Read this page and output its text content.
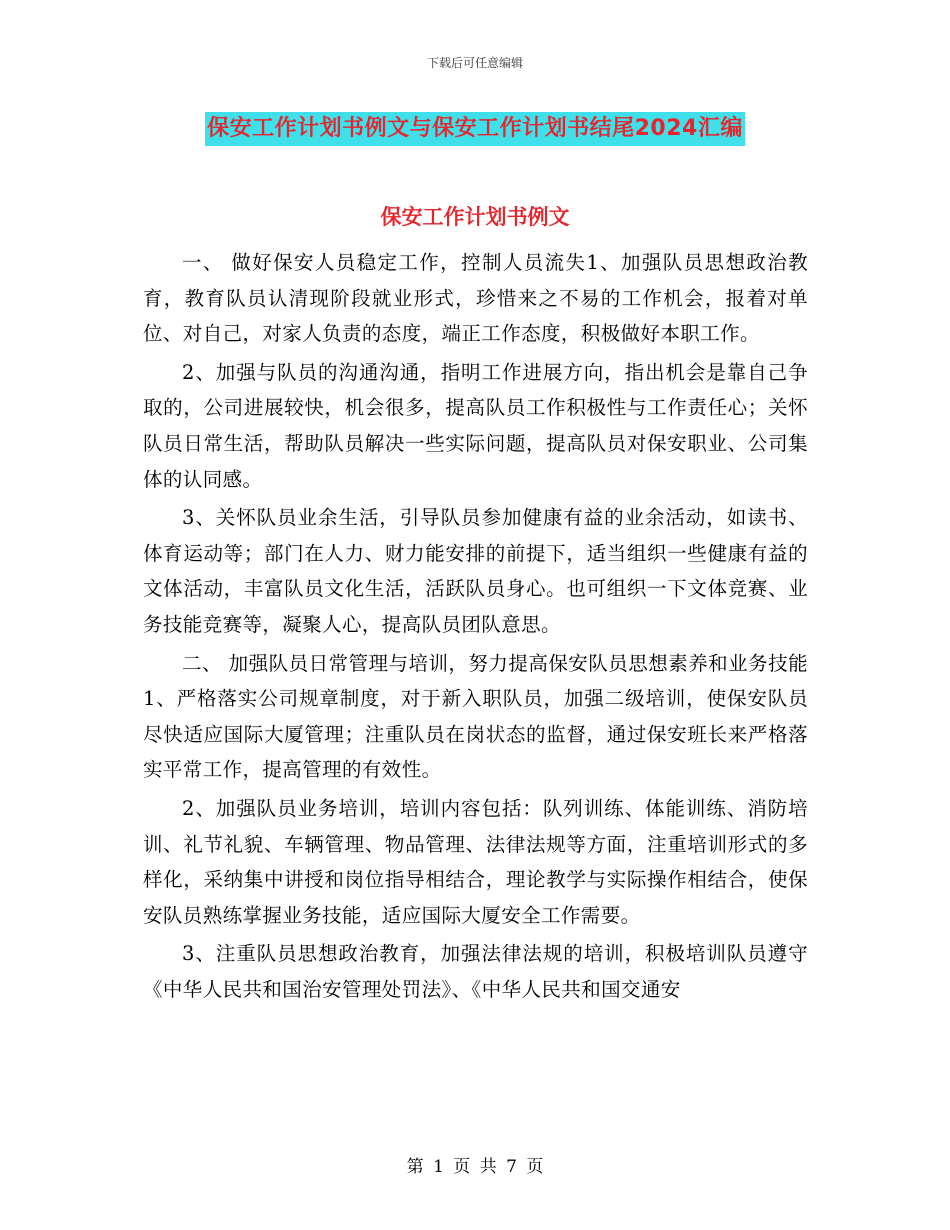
下载后可任意编辑
保安工作计划书例文与保安工作计划书结尾2024汇编
保安工作计划书例文

一、 做好保安人员稳定工作，控制人员流失1、加强队员思想政治教育，教育队员认清现阶段就业形式，珍惜来之不易的工作机会，报着对单位、对自己，对家人负责的态度，端正工作态度，积极做好本职工作。

2、加强与队员的沟通沟通，指明工作进展方向，指出机会是靠自己争取的，公司进展较快，机会很多，提高队员工作积极性与工作责任心；关怀队员日常生活，帮助队员解决一些实际问题，提高队员对保安职业、公司集体的认同感。

3、关怀队员业余生活，引导队员参加健康有益的业余活动，如读书、体育运动等；部门在人力、财力能安排的前提下，适当组织一些健康有益的文体活动，丰富队员文化生活，活跃队员身心。也可组织一下文体竞赛、业务技能竞赛等，凝聚人心，提高队员团队意思。

二、 加强队员日常管理与培训，努力提高保安队员思想素养和业务技能 1、严格落实公司规章制度，对于新入职队员，加强二级培训，使保安队员尽快适应国际大厦管理；注重队员在岗状态的监督，通过保安班长来严格落实平常工作，提高管理的有效性。

2、加强队员业务培训，培训内容包括：队列训练、体能训练、消防培训、礼节礼貌、车辆管理、物品管理、法律法规等方面，注重培训形式的多样化，采纳集中讲授和岗位指导相结合，理论教学与实际操作相结合，使保安队员熟练掌握业务技能，适应国际大厦安全工作需要。

3、注重队员思想政治教育，加强法律法规的培训，积极培训队员遵守《中华人民共和国治安管理处罚法》、《中华人民共和国交通安

第 1 页 共 7 页
